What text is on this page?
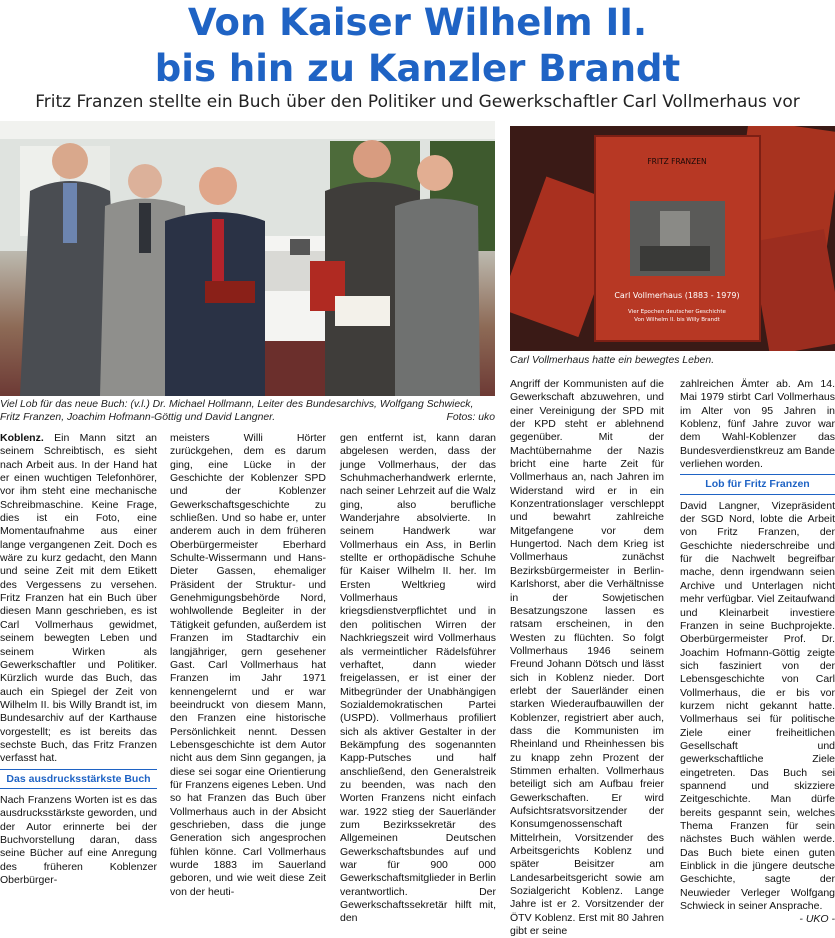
Von Kaiser Wilhelm II.
bis hin zu Kanzler Brandt
Fritz Franzen stellte ein Buch über den Politiker und Gewerkschaftler Carl Vollmerhaus vor
Viel Lob für das neue Buch: (v.l.) Dr. Michael Hollmann, Leiter des Bundesarchivs, Wolfgang Schwieck, Fritz Franzen, Joachim Hofmann-Göttig und David Langner.	Fotos: uko
FRITZ FRANZEN
Carl Vollmerhaus (1883 - 1979)
Vier Epochen deutscher Geschichte
Von Wilhelm II. bis Willy Brandt
Carl Vollmerhaus hatte ein bewegtes Leben.

Koblenz. Ein Mann sitzt an seinem Schreibtisch, es sieht nach Arbeit aus. In der Hand hat er einen wuchtigen Telefonhörer, vor ihm steht eine mechanische Schreibmaschine. Keine Frage, dies ist ein Foto, eine Momentaufnahme aus einer lange vergangenen Zeit. Doch es wäre zu kurz gedacht, den Mann und seine Zeit mit dem Etikett des Vergessens zu versehen. Fritz Franzen hat ein Buch über diesen Mann geschrieben, es ist Carl Vollmerhaus gewidmet, seinem bewegten Leben und seinem Wirken als Gewerkschaftler und Politiker. Kürzlich wurde das Buch, das auch ein Spiegel der Zeit von Wilhelm II. bis Willy Brandt ist, im Bundesarchiv auf der Karthause vorgestellt; es ist bereits das sechste Buch, das Fritz Franzen verfasst hat.

Das ausdrucksstärkste Buch

Nach Franzens Worten ist es das ausdrucksstärkste geworden, und der Autor erinnerte bei der Buchvorstellung daran, dass seine Bücher auf eine Anregung des früheren Koblenzer Oberbürger-

meisters Willi Hörter zurückgehen, dem es darum ging, eine Lücke in der Geschichte der Koblenzer SPD und der Koblenzer Gewerkschaftsgeschichte zu schließen. Und so habe er, unter anderem auch in dem früheren Oberbürgermeister Eberhard Schulte-Wissermann und Hans-Dieter Gassen, ehemaliger Präsident der Struktur- und Genehmigungsbehörde Nord, wohlwollende Begleiter in der Tätigkeit gefunden, außerdem ist Franzen im Stadtarchiv ein langjähriger, gern gesehener Gast. Carl Vollmerhaus hat Franzen im Jahr 1971 kennengelernt und er war beeindruckt von diesem Mann, den Franzen eine historische Persönlichkeit nennt. Dessen Lebensgeschichte ist dem Autor nicht aus dem Sinn gegangen, ja diese sei sogar eine Orientierung für Franzens eigenes Leben. Und so hat Franzen das Buch über Vollmerhaus auch in der Absicht geschrieben, dass die junge Generation sich angesprochen fühlen könne. Carl Vollmerhaus wurde 1883 im Sauerland geboren, und wie weit diese Zeit von der heuti-

gen entfernt ist, kann daran abgelesen werden, dass der junge Vollmerhaus, der das Schuhmacherhandwerk erlernte, nach seiner Lehrzeit auf die Walz ging, also berufliche Wanderjahre absolvierte. In seinem Handwerk war Vollmerhaus ein Ass, in Berlin stellte er orthopädische Schuhe für Kaiser Wilhelm II. her. Im Ersten Weltkrieg wird Vollmerhaus kriegsdienstverpflichtet und in den politischen Wirren der Nachkriegszeit wird Vollmerhaus als vermeintlicher Rädelsführer verhaftet, dann wieder freigelassen, er ist einer der Mitbegründer der Unabhängigen Sozialdemokratischen Partei (USPD). Vollmerhaus profiliert sich als aktiver Gestalter in der Bekämpfung des sogenannten Kapp-Putsches und half anschließend, den Generalstreik zu beenden, was nach den Worten Franzens nicht einfach war. 1922 stieg der Sauerländer zum Bezirkssekretär des Allgemeinen Deutschen Gewerkschaftsbundes auf und war für 900 000 Gewerkschaftsmitglieder in Berlin verantwortlich. Der Gewerkschaftssekretär hilft mit, den

Angriff der Kommunisten auf die Gewerkschaft abzuwehren, und einer Vereinigung der SPD mit der KPD steht er ablehnend gegenüber. Mit der Machtübernahme der Nazis bricht eine harte Zeit für Vollmerhaus an, nach Jahren im Widerstand wird er in ein Konzentrationslager verschleppt und bewahrt zahlreiche Mitgefangene vor dem Hungertod. Nach dem Krieg ist Vollmerhaus zunächst Bezirksbürgermeister in Berlin-Karlshorst, aber die Verhältnisse in der Sowjetischen Besatzungszone lassen es ratsam erscheinen, in den Westen zu flüchten. So folgt Vollmerhaus 1946 seinem Freund Johann Dötsch und lässt sich in Koblenz nieder. Dort erlebt der Sauerländer einen starken Wiederaufbauwillen der Koblenzer, registriert aber auch, dass die Kommunisten im Rheinland und Rheinhessen bis zu knapp zehn Prozent der Stimmen erhalten. Vollmerhaus beteiligt sich am Aufbau freier Gewerkschaften. Er wird Aufsichtsratsvorsitzender der Konsumgenossenschaft Mittelrhein, Vorsitzender des Arbeitsgerichts Koblenz und später Beisitzer am Landesarbeitsgericht sowie am Sozialgericht Koblenz. Lange Jahre ist er 2. Vorsitzender der ÖTV Koblenz. Erst mit 80 Jahren gibt er seine

zahlreichen Ämter ab. Am 14. Mai 1979 stirbt Carl Vollmerhaus im Alter von 95 Jahren in Koblenz, fünf Jahre zuvor war dem Wahl-Koblenzer das Bundesverdienstkreuz am Bande verliehen worden.

Lob für Fritz Franzen

David Langner, Vizepräsident der SGD Nord, lobte die Arbeit von Fritz Franzen, der Geschichte niederschreibe und für die Nachwelt begreifbar mache, denn irgendwann seien Archive und Unterlagen nicht mehr verfügbar. Viel Zeitaufwand und Kleinarbeit investiere Franzen in seine Buchprojekte. Oberbürgermeister Prof. Dr. Joachim Hofmann-Göttig zeigte sich fasziniert von der Lebensgeschichte von Carl Vollmerhaus, die er bis vor kurzem nicht gekannt hatte. Vollmerhaus sei für politische Ziele einer freiheitlichen Gesellschaft und gewerkschaftliche Ziele eingetreten. Das Buch sei spannend und skizziere Zeitgeschichte. Man dürfe bereits gespannt sein, welches Thema Franzen für sein nächstes Buch wählen werde. Das Buch biete einen guten Einblick in die jüngere deutsche Geschichte, sagte der Neuwieder Verleger Wolfgang Schwieck in seiner Ansprache.

- UKO -
